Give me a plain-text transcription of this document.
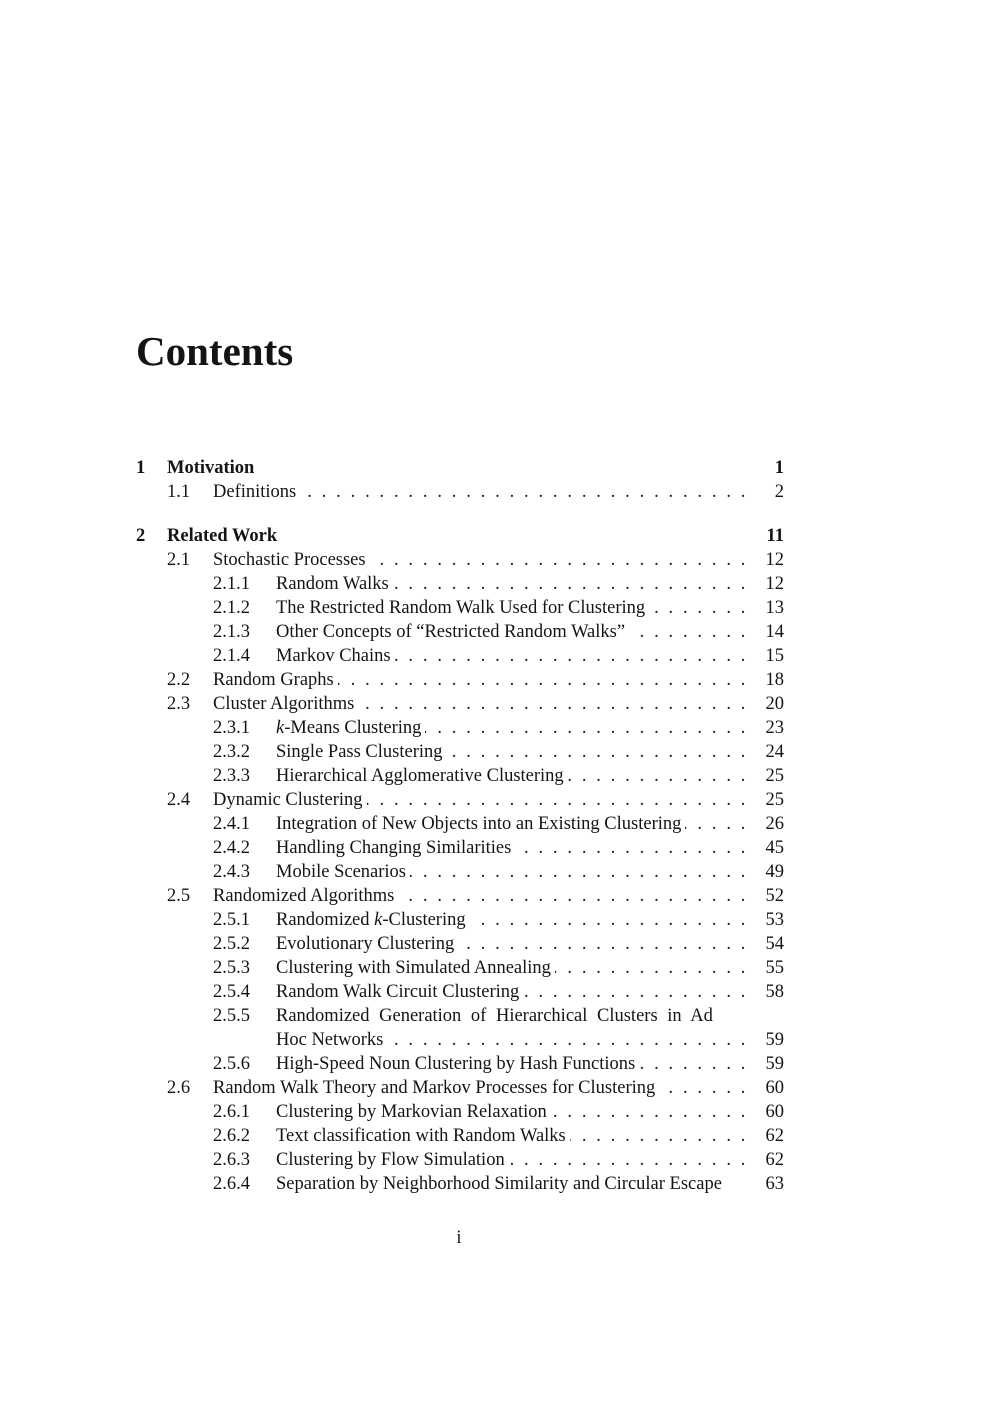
Contents
1 Motivation	1
1.1 Definitions . . .	2
2 Related Work	11
2.1 Stochastic Processes . . .	12
2.1.1 Random Walks . . .	12
2.1.2 The Restricted Random Walk Used for Clustering . . .	13
2.1.3 Other Concepts of “Restricted Random Walks” . . .	14
2.1.4 Markov Chains . . .	15
2.2 Random Graphs . . .	18
2.3 Cluster Algorithms . . .	20
2.3.1 k-Means Clustering . . .	23
2.3.2 Single Pass Clustering . . .	24
2.3.3 Hierarchical Agglomerative Clustering . . .	25
2.4 Dynamic Clustering . . .	25
2.4.1 Integration of New Objects into an Existing Clustering . . .	26
2.4.2 Handling Changing Similarities . . .	45
2.4.3 Mobile Scenarios . . .	49
2.5 Randomized Algorithms . . .	52
2.5.1 Randomized k-Clustering . . .	53
2.5.2 Evolutionary Clustering . . .	54
2.5.3 Clustering with Simulated Annealing . . .	55
2.5.4 Random Walk Circuit Clustering . . .	58
2.5.5 Randomized Generation of Hierarchical Clusters in Ad
Hoc Networks . . .	59
2.5.6 High-Speed Noun Clustering by Hash Functions . . .	59
2.6 Random Walk Theory and Markov Processes for Clustering . . .	60
2.6.1 Clustering by Markovian Relaxation . . .	60
2.6.2 Text classification with Random Walks . . .	62
2.6.3 Clustering by Flow Simulation . . .	62
2.6.4 Separation by Neighborhood Similarity and Circular Escape	63
i
